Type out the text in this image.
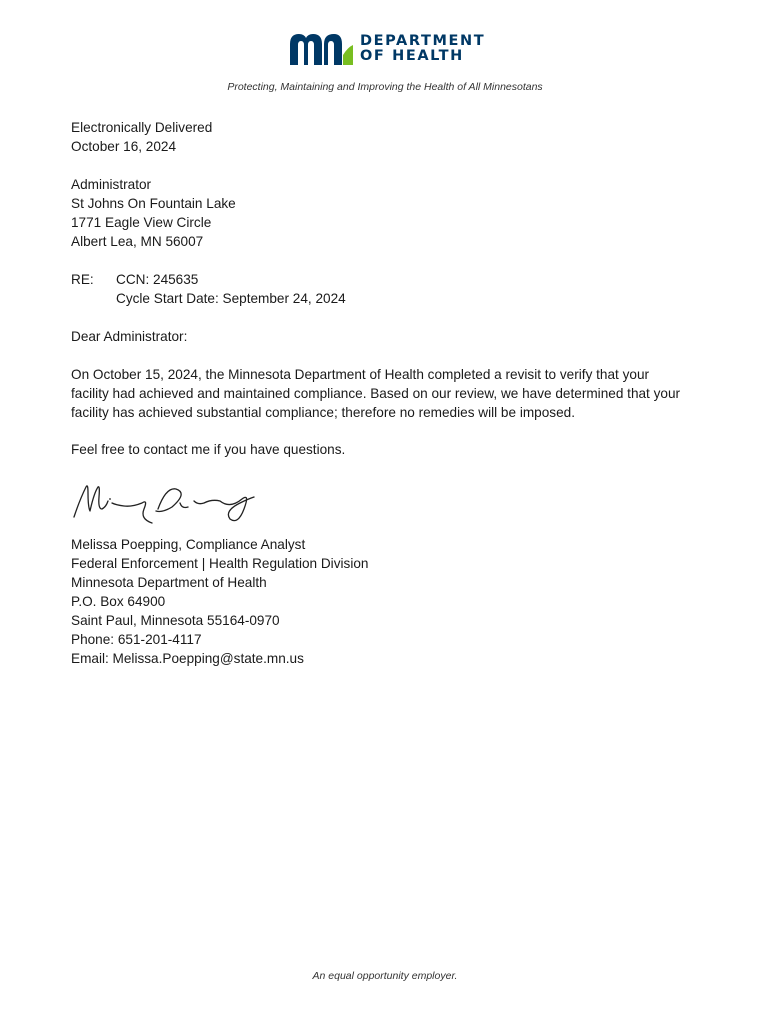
DEPARTMENT
OF HEALTH
Protecting, Maintaining and Improving the Health of All Minnesotans
Electronically Delivered
October 16, 2024
Administrator
St Johns On Fountain Lake
1771 Eagle View Circle
Albert Lea, MN 56007
RE: CCN: 245635
Cycle Start Date: September 24, 2024
Dear Administrator:
On October 15, 2024, the Minnesota Department of Health completed a revisit to verify that your
facility had achieved and maintained compliance. Based on our review, we have determined that your
facility has achieved substantial compliance; therefore no remedies will be imposed.
Feel free to contact me if you have questions.
Melissa Poepping, Compliance Analyst
Federal Enforcement | Health Regulation Division
Minnesota Department of Health
P.O. Box 64900
Saint Paul, Minnesota 55164-0970
Phone: 651-201-4117
Email: Melissa.Poepping@state.mn.us
An equal opportunity employer.
